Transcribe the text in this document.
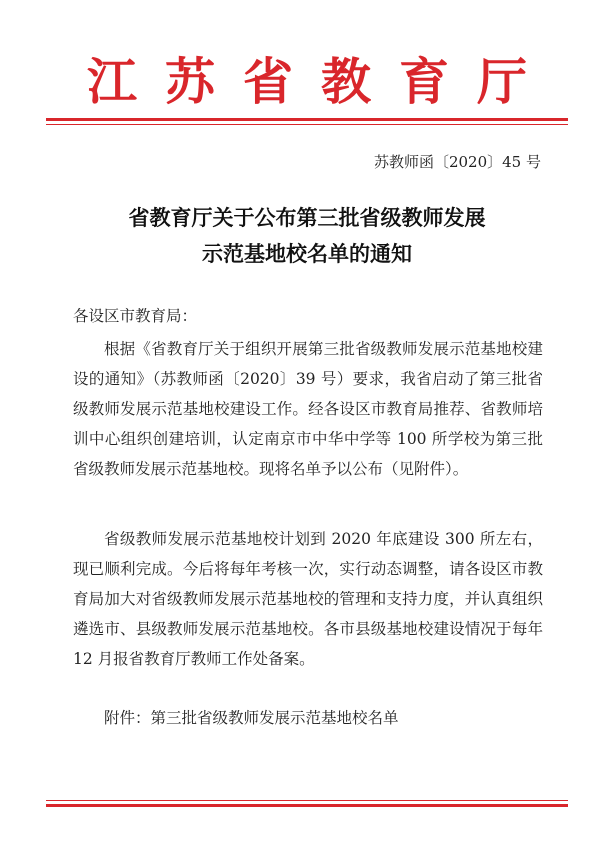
江苏省教育厅
苏教师函〔2020〕45 号
省教育厅关于公布第三批省级教师发展
示范基地校名单的通知
各设区市教育局：
根据《省教育厅关于组织开展第三批省级教师发展示范基地校建设的通知》（苏教师函〔2020〕39 号）要求，我省启动了第三批省级教师发展示范基地校建设工作。经各设区市教育局推荐、省教师培训中心组织创建培训，认定南京市中华中学等 100 所学校为第三批省级教师发展示范基地校。现将名单予以公布（见附件）。
省级教师发展示范基地校计划到 2020 年底建设 300 所左右，现已顺利完成。今后将每年考核一次，实行动态调整，请各设区市教育局加大对省级教师发展示范基地校的管理和支持力度，并认真组织遴选市、县级教师发展示范基地校。各市县级基地校建设情况于每年 12 月报省教育厅教师工作处备案。
附件：第三批省级教师发展示范基地校名单
